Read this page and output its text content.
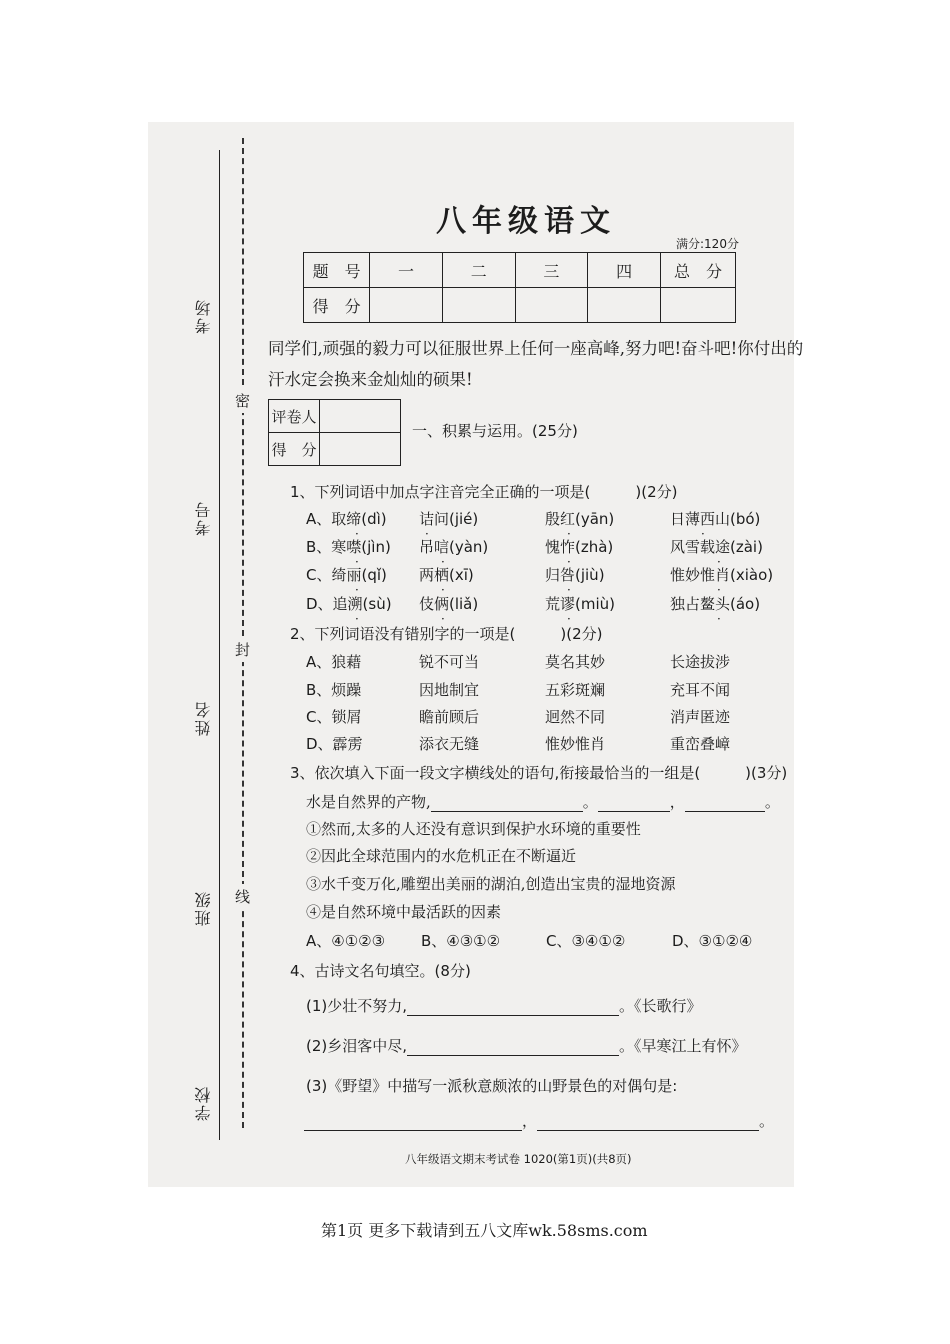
考场
考号
姓名
班级
学校
密
封
线
八年级语文
满分:120分
题　号	一	二	三	四	总　分
得　分					
同学们,顽强的毅力可以征服世界上任何一座高峰,努力吧!奋斗吧!你付出的
汗水定会换来金灿灿的硕果!
评卷人	
得　分	
一、积累与运用。(25分)
1、下列词语中加点字注音完全正确的一项是(　　　)(2分)
A、取缔(dì) 诘问(jié)	殷红(yān)	日薄西山(bó)
B、寒噤(jìn) 吊唁(yàn)	愧怍(zhà)	风雪载途(zài)
C、绮丽(qǐ) 两栖(xī)	归咎(jiù)	惟妙惟肖(xiào)
D、追溯(sù) 伎俩(liǎ)	荒谬(miù)	独占鳌头(áo)
·	·	·	·
·	·	·	·
·	·	·	·
·	·	·	·
2、下列词语没有错别字的一项是(　　　)(2分)
A、狼藉	锐不可当	莫名其妙	长途拔涉
B、烦躁	因地制宜	五彩斑斓	充耳不闻
C、锁屑	瞻前顾后	迥然不同	消声匿迹
D、霹雳	添衣无缝	惟妙惟肖	重峦叠嶂
3、依次填入下面一段文字横线处的语句,衔接最恰当的一组是(　　　)(3分)
水是自然界的产物,	。	，	。
①然而,太多的人还没有意识到保护水环境的重要性
②因此全球范围内的水危机正在不断逼近
③水千变万化,雕塑出美丽的湖泊,创造出宝贵的湿地资源
④是自然环境中最活跃的因素
A、④①②③ B、④③①②	C、③④①②	D、③①②④
4、古诗文名句填空。(8分)
(1)少壮不努力,	。《长歌行》
(2)乡泪客中尽,	。《早寒江上有怀》
(3)《野望》中描写一派秋意颇浓的山野景色的对偶句是:
，	。
八年级语文期末考试卷 1020(第1页)(共8页)
第1页 更多下载请到五八文库wk.58sms.com
